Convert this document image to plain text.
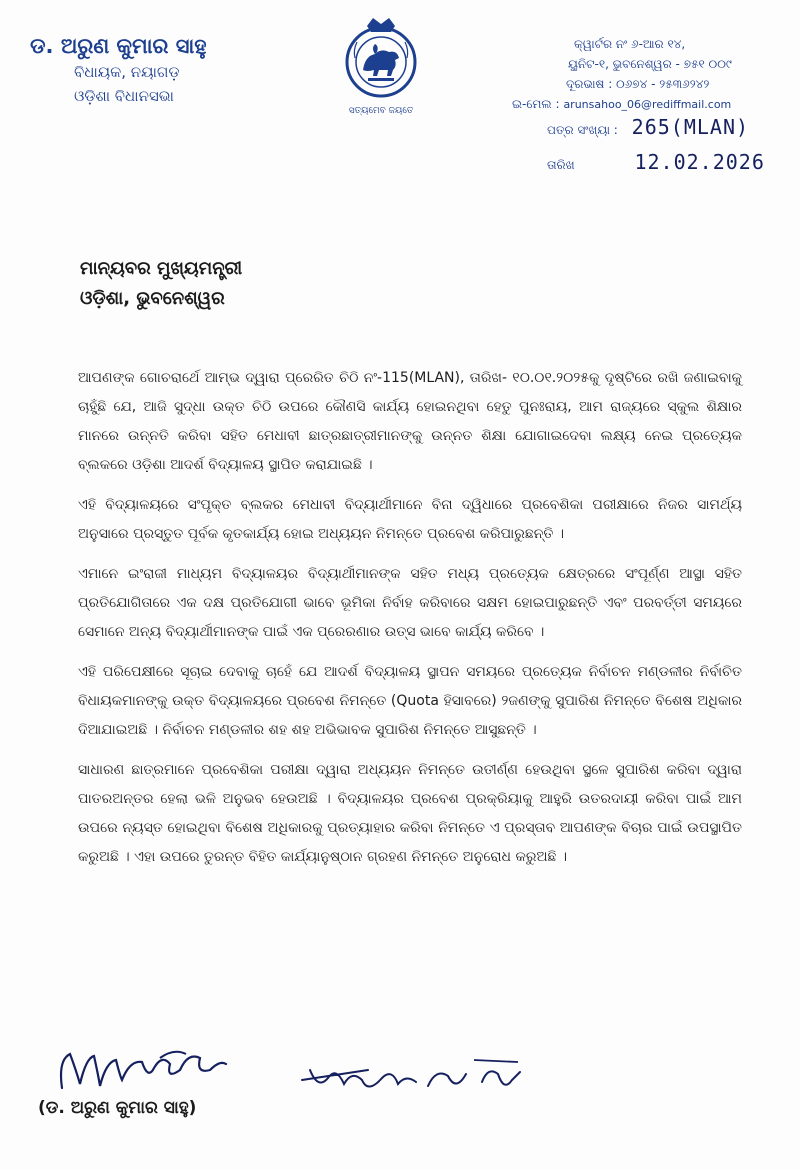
ଡ. ଅରୁଣ କୁମାର ସାହୁ
ବିଧାୟକ, ନୟାଗଡ଼
ଓଡ଼ିଶା ବିଧାନସଭା
ସତ୍ୟମେବ ଜୟତେ
କ୍ୱାର୍ଟର ନଂ ୬-ଆର ୧୪,
ୟୁନିଟ-୧, ଭୁବନେଶ୍ୱର - ୭୫୧ ୦୦୯
ଦୂରଭାଷ : ୦୬୭୪ - ୨୫୩୬୨୪୨
ଇ-ମେଲ : arunsahoo_06@rediffmail.com
ପତ୍ର ସଂଖ୍ୟା : 265(MLAN)
ତାରିଖ	12.02.2026
ମାନ୍ୟବର ମୁଖ୍ୟମନ୍ତ୍ରୀ
ଓଡ଼ିଶା, ଭୁବନେଶ୍ୱର

ଆପଣଙ୍କ ଗୋଚରାର୍ଥେ ଆମ୍ଭ ଦ୍ୱାରା ପ୍ରେରିତ ଚିଠି ନଂ-115(MLAN), ତାରିଖ- ୧୦.୦୧.୨୦୨୫କୁ ଦୃଷ୍ଟିରେ ରଖି ଜଣାଇବାକୁ ଚାହୁଁଛି ଯେ, ଆଜି ସୁଦ୍ଧା ଉକ୍ତ ଚିଠି ଉପରେ କୌଣସି କାର୍ଯ୍ୟ ହୋଇନଥିବା ହେତୁ ପୁନଃରାୟ, ଆମ ରାଜ୍ୟରେ ସ୍କୁଲ ଶିକ୍ଷାର ମାନରେ ଉନ୍ନତି କରିବା ସହିତ ମେଧାବୀ ଛାତ୍ରଛାତ୍ରୀମାନଙ୍କୁ ଉନ୍ନତ ଶିକ୍ଷା ଯୋଗାଇଦେବା ଲକ୍ଷ୍ୟ ନେଇ ପ୍ରତ୍ୟେକ ବ୍ଲକରେ ଓଡ଼ିଶା ଆଦର୍ଶ ବିଦ୍ୟାଳୟ ସ୍ଥାପିତ କରାଯାଇଛି ।

ଏହି ବିଦ୍ୟାଳୟରେ ସଂପୃକ୍ତ ବ୍ଲକର ମେଧାବୀ ବିଦ୍ୟାର୍ଥୀମାନେ ବିନା ଦ୍ୱିଧାରେ ପ୍ରବେଶିକା ପରୀକ୍ଷାରେ ନିଜର ସାମର୍ଥ୍ୟ ଅନୁସାରେ ପ୍ରସ୍ତୁତ ପୂର୍ବକ କୃତକାର୍ଯ୍ୟ ହୋଇ ଅଧ୍ୟୟନ ନିମନ୍ତେ ପ୍ରବେଶ କରିପାରୁଛନ୍ତି ।

ଏମାନେ ଇଂରାଜୀ ମାଧ୍ୟମ ବିଦ୍ୟାଳୟର ବିଦ୍ୟାର୍ଥୀମାନଙ୍କ ସହିତ ମଧ୍ୟ ପ୍ରତ୍ୟେକ କ୍ଷେତ୍ରରେ ସଂପୂର୍ଣ୍ଣ ଆସ୍ଥା ସହିତ ପ୍ରତିଯୋଗିତାରେ ଏକ ଦକ୍ଷ ପ୍ରତିଯୋଗୀ ଭାବେ ଭୂମିକା ନିର୍ବାହ କରିବାରେ ସକ୍ଷମ ହୋଇପାରୁଛନ୍ତି ଏବଂ ପରବର୍ତ୍ତୀ ସମୟରେ ସେମାନେ ଅନ୍ୟ ବିଦ୍ୟାର୍ଥୀମାନଙ୍କ ପାଇଁ ଏକ ପ୍ରେରଣାର ଉତ୍ସ ଭାବେ କାର୍ଯ୍ୟ କରିବେ ।

ଏହି ପରିପେକ୍ଷୀରେ ସୂଚାଇ ଦେବାକୁ ଚାହେଁ ଯେ ଆଦର୍ଶ ବିଦ୍ୟାଳୟ ସ୍ଥାପନ ସମୟରେ ପ୍ରତ୍ୟେକ ନିର୍ବାଚନ ମଣ୍ଡଳୀର ନିର୍ବାଚିତ ବିଧାୟକମାନଙ୍କୁ ଉକ୍ତ ବିଦ୍ୟାଳୟରେ ପ୍ରବେଶ ନିମନ୍ତେ (Quota ହିସାବରେ) ୨ଜଣଙ୍କୁ ସୁପାରିଶ ନିମନ୍ତେ ବିଶେଷ ଅଧିକାର ଦିଆଯାଇଅଛି । ନିର୍ବାଚନ ମଣ୍ଡଳୀର ଶହ ଶହ ଅଭିଭାବକ ସୁପାରିଶ ନିମନ୍ତେ ଆସୁଛନ୍ତି ।

ସାଧାରଣ ଛାତ୍ରମାନେ ପ୍ରବେଶିକା ପରୀକ୍ଷା ଦ୍ୱାରା ଅଧ୍ୟୟନ ନିମନ୍ତେ ଉତୀର୍ଣ୍ଣ ହେଉଥିବା ସ୍ଥଳେ ସୁପାରିଶ କରିବା ଦ୍ୱାରା ପାତରଅନ୍ତର ହେଲା ଭଳି ଅନୁଭବ ହେଉଅଛି । ବିଦ୍ୟାଳୟର ପ୍ରବେଶ ପ୍ରକ୍ରିୟାକୁ ଆହୁରି ଉତରଦାୟୀ କରିବା ପାଇଁ ଆମ ଉପରେ ନ୍ୟସ୍ତ ହୋଇଥିବା ବିଶେଷ ଅଧିକାରକୁ ପ୍ରତ୍ୟାହାର କରିବା ନିମନ୍ତେ ଏ ପ୍ରସ୍ତାବ ଆପଣଙ୍କ ବିଚାର ପାଇଁ ଉପସ୍ଥାପିତ କରୁଅଛି । ଏହା ଉପରେ ତୁରନ୍ତ ବିହିତ କାର୍ଯ୍ୟାନୁଷ୍ଠାନ ଗ୍ରହଣ ନିମନ୍ତେ ଅନୁରୋଧ କରୁଅଛି ।

(ଡ. ଅରୁଣ କୁମାର ସାହୁ)
